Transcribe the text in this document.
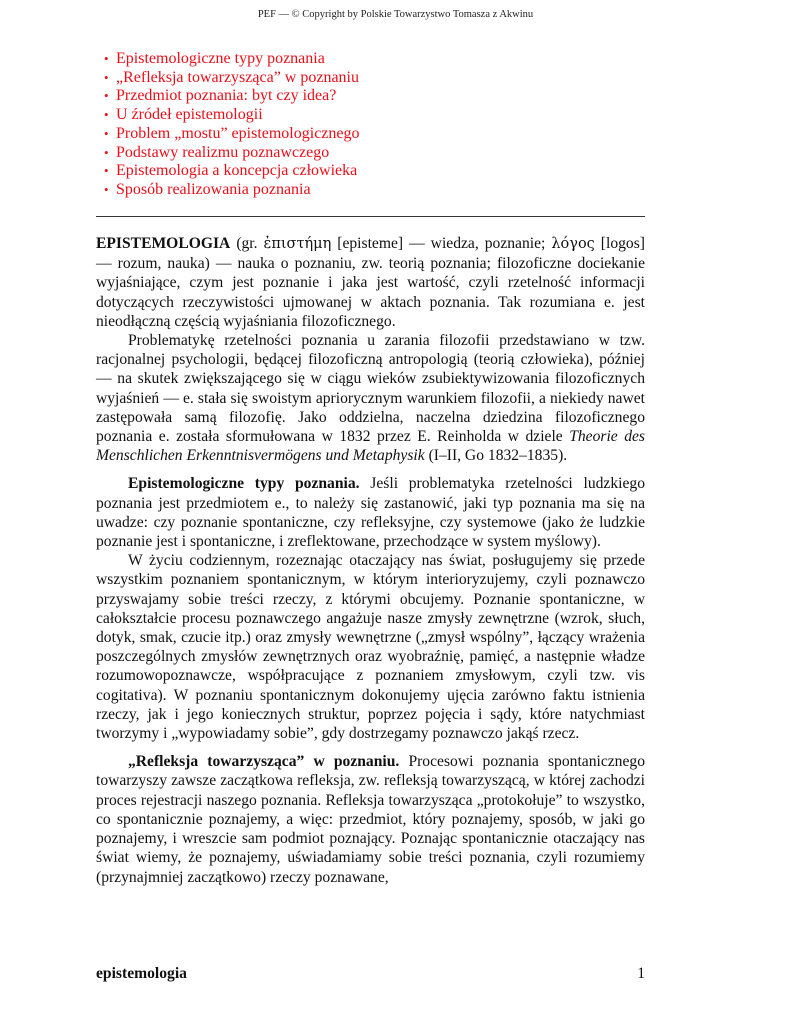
PEF — © Copyright by Polskie Towarzystwo Tomasza z Akwinu
• Epistemologiczne typy poznania
• „Refleksja towarzysząca” w poznaniu
• Przedmiot poznania: byt czy idea?
• U źródeł epistemologii
• Problem „mostu” epistemologicznego
• Podstawy realizmu poznawczego
• Epistemologia a koncepcja człowieka
• Sposób realizowania poznania

EPISTEMOLOGIA (gr. ἐπιστήμη [episteme] — wiedza, poznanie; λόγος [logos] — rozum, nauka) — nauka o poznaniu, zw. teorią poznania; filozoficzne dociekanie wyjaśniające, czym jest poznanie i jaka jest wartość, czyli rzetelność informacji dotyczących rzeczywistości ujmowanej w aktach poznania. Tak rozumiana e. jest nieodłączną częścią wyjaśniania filozoficznego.

Problematykę rzetelności poznania u zarania filozofii przedstawiano w tzw. racjonalnej psychologii, będącej filozoficzną antropologią (teorią człowieka), później — na skutek zwiększającego się w ciągu wieków zsubiektywizowania filozoficznych wyjaśnień — e. stała się swoistym apriorycznym warunkiem filozofii, a niekiedy nawet zastępowała samą filozofię. Jako oddzielna, naczelna dziedzina filozoficznego poznania e. została sformułowana w 1832 przez E. Reinholda w dziele Theorie des Menschlichen Erkenntnisvermögens und Metaphysik (I–II, Go 1832–1835).

Epistemologiczne typy poznania. Jeśli problematyka rzetelności ludzkiego poznania jest przedmiotem e., to należy się zastanowić, jaki typ poznania ma się na uwadze: czy poznanie spontaniczne, czy refleksyjne, czy systemowe (jako że ludzkie poznanie jest i spontaniczne, i zreflektowane, przechodzące w system myślowy).

W życiu codziennym, rozeznając otaczający nas świat, posługujemy się przede wszystkim poznaniem spontanicznym, w którym interioryzujemy, czyli poznawczo przyswajamy sobie treści rzeczy, z którymi obcujemy. Poznanie spontaniczne, w całokształcie procesu poznawczego angażuje nasze zmysły zewnętrzne (wzrok, słuch, dotyk, smak, czucie itp.) oraz zmysły wewnętrzne („zmysł wspólny”, łączący wrażenia poszczególnych zmysłów zewnętrznych oraz wyobraźnię, pamięć, a następnie władze rozumowopoznawcze, współpracujące z poznaniem zmysłowym, czyli tzw. vis cogitativa). W poznaniu spontanicznym dokonujemy ujęcia zarówno faktu istnienia rzeczy, jak i jego koniecznych struktur, poprzez pojęcia i sądy, które natychmiast tworzymy i „wypowiadamy sobie”, gdy dostrzegamy poznawczo jakąś rzecz.

„Refleksja towarzysząca” w poznaniu. Procesowi poznania spontanicznego towarzyszy zawsze zaczątkowa refleksja, zw. refleksją towarzyszącą, w której zachodzi proces rejestracji naszego poznania. Refleksja towarzysząca „protokołuje” to wszystko, co spontanicznie poznajemy, a więc: przedmiot, który poznajemy, sposób, w jaki go poznajemy, i wreszcie sam podmiot poznający. Poznając spontanicznie otaczający nas świat wiemy, że poznajemy, uświadamiamy sobie treści poznania, czyli rozumiemy (przynajmniej zaczątkowo) rzeczy poznawane,

epistemologia	1
